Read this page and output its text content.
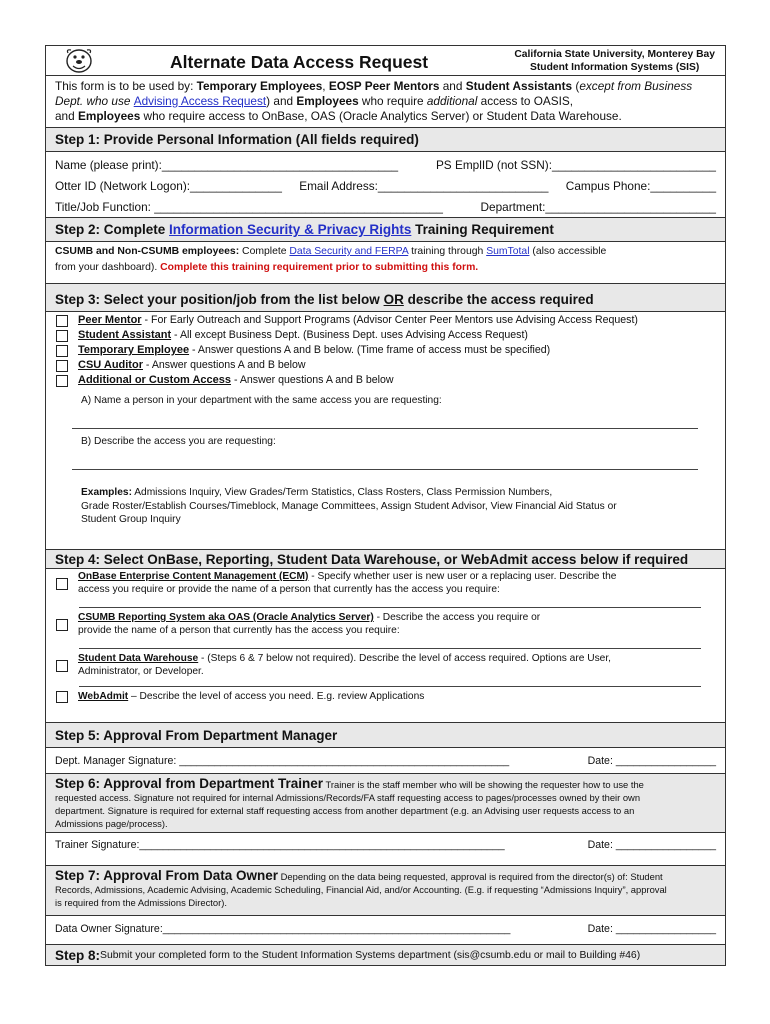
Alternate Data Access Request	California State University, Monterey Bay
Student Information Systems (SIS)
This form is to be used by: Temporary Employees, EOSP Peer Mentors and Student Assistants (except from Business Dept. who use Advising Access Request) and Employees who require additional access to OASIS,
and Employees who require access to OnBase, OAS (Oracle Analytics Server) or Student Data Warehouse.
Step 1: Provide Personal Information (All fields required)
Name (please print):____________________________________	PS EmplID (not SSN):_________________________
Otter ID (Network Logon):______________ Email Address:__________________________ Campus Phone:__________
Title/Job Function: ____________________________________________	Department:__________________________
Step 2: Complete
Information Security & Privacy Rights
Training Requirement
CSUMB and Non-CSUMB employees: Complete Data Security and FERPA training through SumTotal (also accessible
from your dashboard). Complete this training requirement prior to submitting this form.
Step 3: Select your position/job from the list below
OR
describe the access required
Peer Mentor - For Early Outreach and Support Programs (Advisor Center Peer Mentors use Advising Access Request)
Student Assistant - All except Business Dept. (Business Dept. uses Advising Access Request)
Temporary Employee - Answer questions A and B below. (Time frame of access must be specified)
CSU Auditor - Answer questions A and B below
Additional or Custom Access - Answer questions A and B below
A) Name a person in your department with the same access you are requesting:
B) Describe the access you are requesting:
Examples: Admissions Inquiry, View Grades/Term Statistics, Class Rosters, Class Permission Numbers,
Grade Roster/Establish Courses/Timeblock, Manage Committees, Assign Student Advisor, View Financial Aid Status or
Student Group Inquiry
Step 4: Select OnBase, Reporting, Student Data Warehouse, or WebAdmit access below if required
OnBase Enterprise Content Management (ECM) - Specify whether user is new user or a replacing user. Describe the
access you require or provide the name of a person that currently has the access you require:
CSUMB Reporting System aka OAS (Oracle Analytics Server) - Describe the access you require or
provide the name of a person that currently has the access you require:
Student Data Warehouse - (Steps 6 & 7 below not required). Describe the level of access required. Options are User,
Administrator, or Developer.
WebAdmit – Describe the level of access you need. E.g. review Applications
Step 5: Approval From Department Manager
Dept. Manager Signature: ________________________________________________________	Date: _________________
Step 6: Approval from Department Trainer Trainer is the staff member who will be showing the requester how to use the
requested access. Signature not required for internal Admissions/Records/FA staff requesting access to pages/processes owned by their own
department. Signature is required for external staff requesting access from another department (e.g. an Advising user requests access to an
Admissions page/process).
Trainer Signature:______________________________________________________________	Date: _________________
Step 7: Approval From Data Owner Depending on the data being requested, approval is required from the director(s) of: Student
Records, Admissions, Academic Advising, Academic Scheduling, Financial Aid, and/or Accounting. (E.g. if requesting “Admissions Inquiry”, approval
is required from the Admissions Director).
Data Owner Signature:___________________________________________________________	Date: _________________
Step 8: Submit your completed form to the Student Information Systems department (sis@csumb.edu or mail to Building #46)
